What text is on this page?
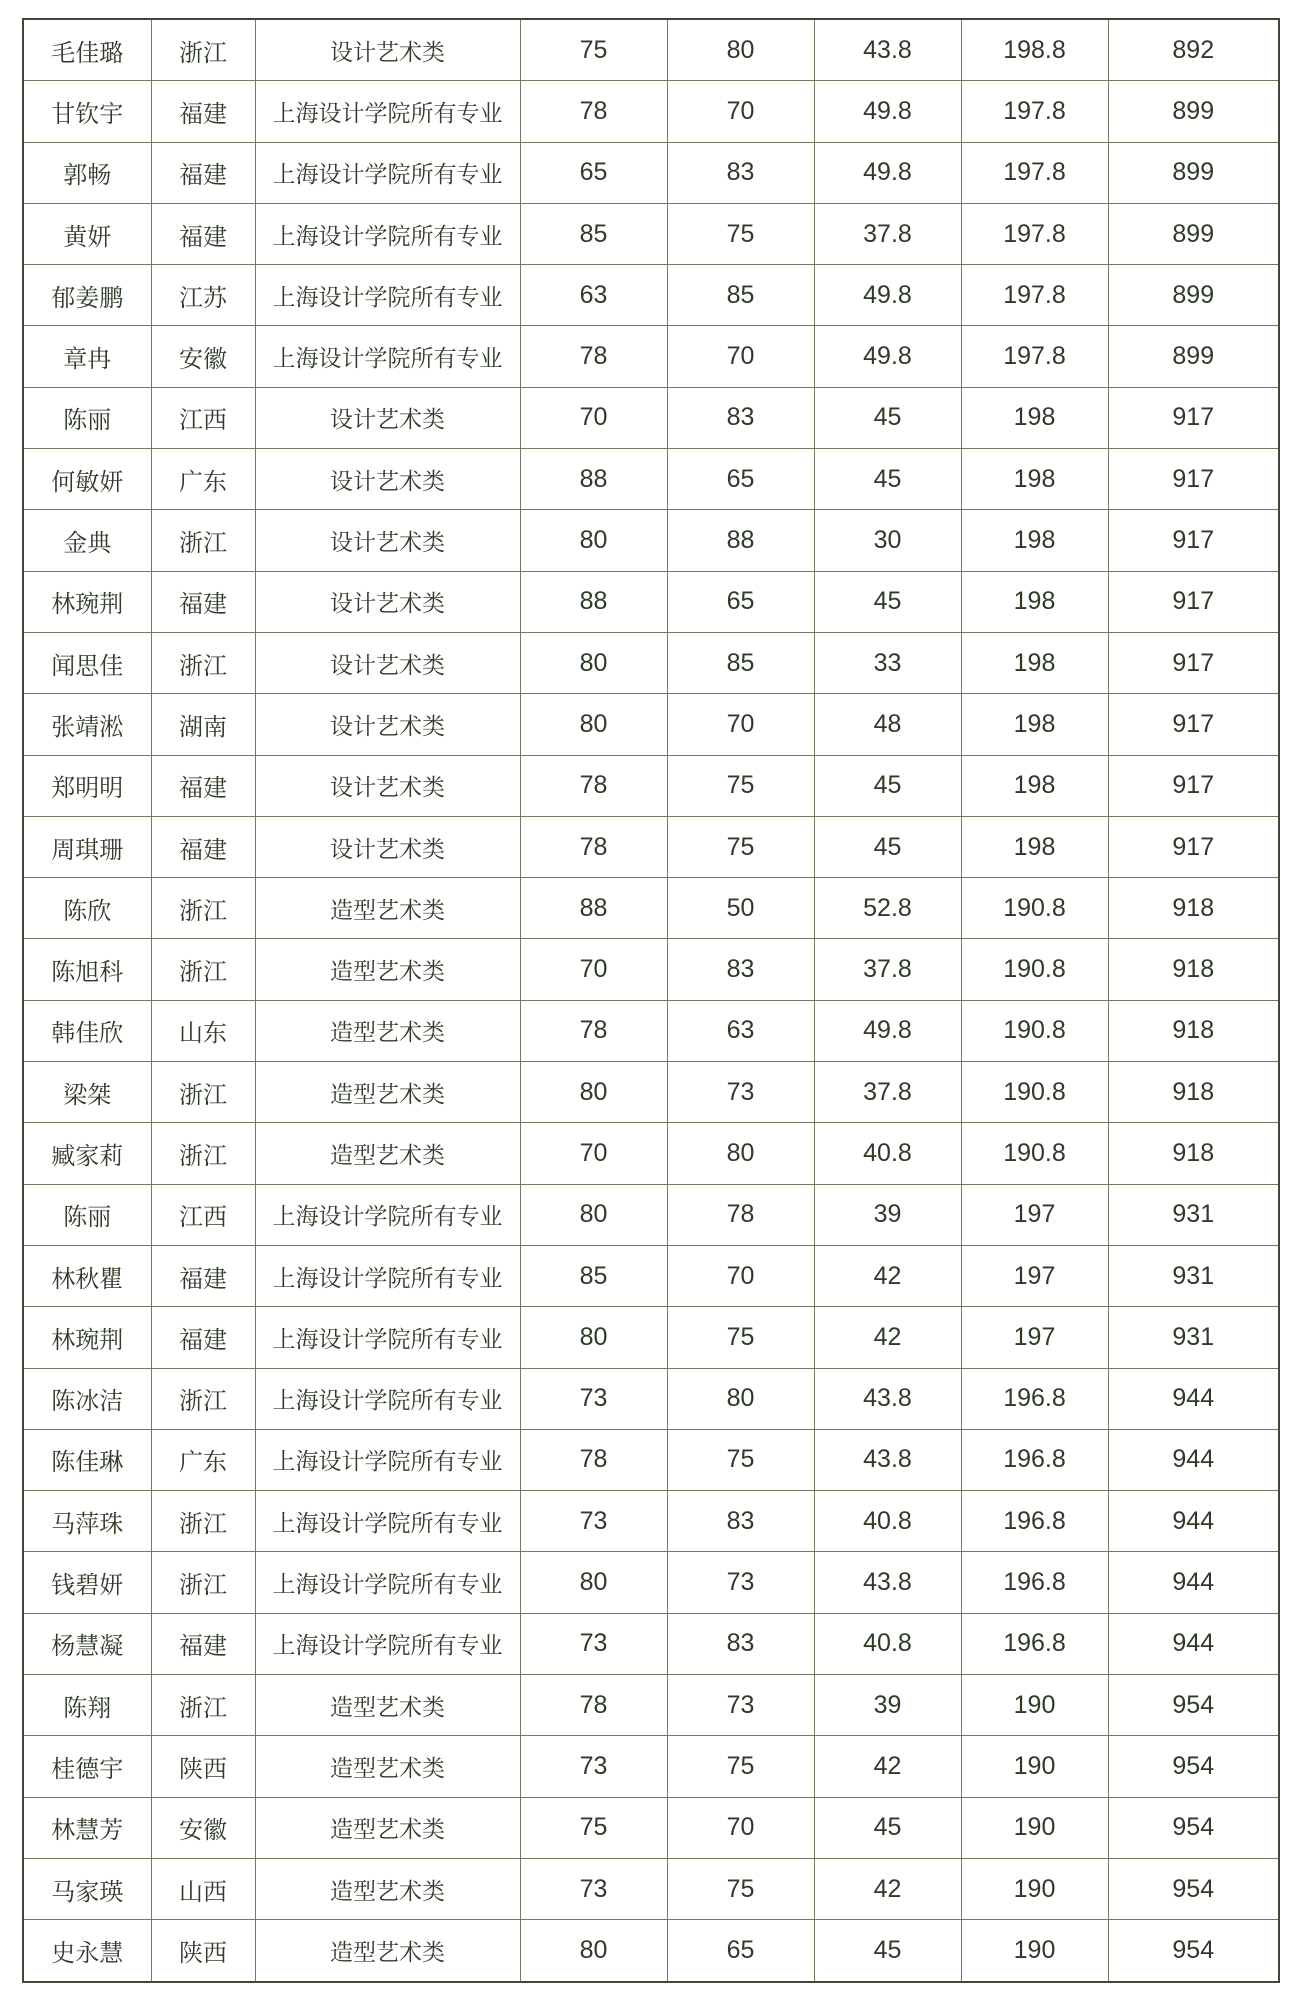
毛佳璐	浙江	设计艺术类	75	80	43.8	198.8	892
甘钦宇	福建	上海设计学院所有专业	78	70	49.8	197.8	899
郭畅	福建	上海设计学院所有专业	65	83	49.8	197.8	899
黄妍	福建	上海设计学院所有专业	85	75	37.8	197.8	899
郁姜鹏	江苏	上海设计学院所有专业	63	85	49.8	197.8	899
章冉	安徽	上海设计学院所有专业	78	70	49.8	197.8	899
陈丽	江西	设计艺术类	70	83	45	198	917
何敏妍	广东	设计艺术类	88	65	45	198	917
金典	浙江	设计艺术类	80	88	30	198	917
林琬荆	福建	设计艺术类	88	65	45	198	917
闻思佳	浙江	设计艺术类	80	85	33	198	917
张靖淞	湖南	设计艺术类	80	70	48	198	917
郑明明	福建	设计艺术类	78	75	45	198	917
周琪珊	福建	设计艺术类	78	75	45	198	917
陈欣	浙江	造型艺术类	88	50	52.8	190.8	918
陈旭科	浙江	造型艺术类	70	83	37.8	190.8	918
韩佳欣	山东	造型艺术类	78	63	49.8	190.8	918
梁桀	浙江	造型艺术类	80	73	37.8	190.8	918
臧家莉	浙江	造型艺术类	70	80	40.8	190.8	918
陈丽	江西	上海设计学院所有专业	80	78	39	197	931
林秋瞿	福建	上海设计学院所有专业	85	70	42	197	931
林琬荆	福建	上海设计学院所有专业	80	75	42	197	931
陈冰洁	浙江	上海设计学院所有专业	73	80	43.8	196.8	944
陈佳琳	广东	上海设计学院所有专业	78	75	43.8	196.8	944
马萍珠	浙江	上海设计学院所有专业	73	83	40.8	196.8	944
钱碧妍	浙江	上海设计学院所有专业	80	73	43.8	196.8	944
杨慧凝	福建	上海设计学院所有专业	73	83	40.8	196.8	944
陈翔	浙江	造型艺术类	78	73	39	190	954
桂德宇	陕西	造型艺术类	73	75	42	190	954
林慧芳	安徽	造型艺术类	75	70	45	190	954
马家瑛	山西	造型艺术类	73	75	42	190	954
史永慧	陕西	造型艺术类	80	65	45	190	954
